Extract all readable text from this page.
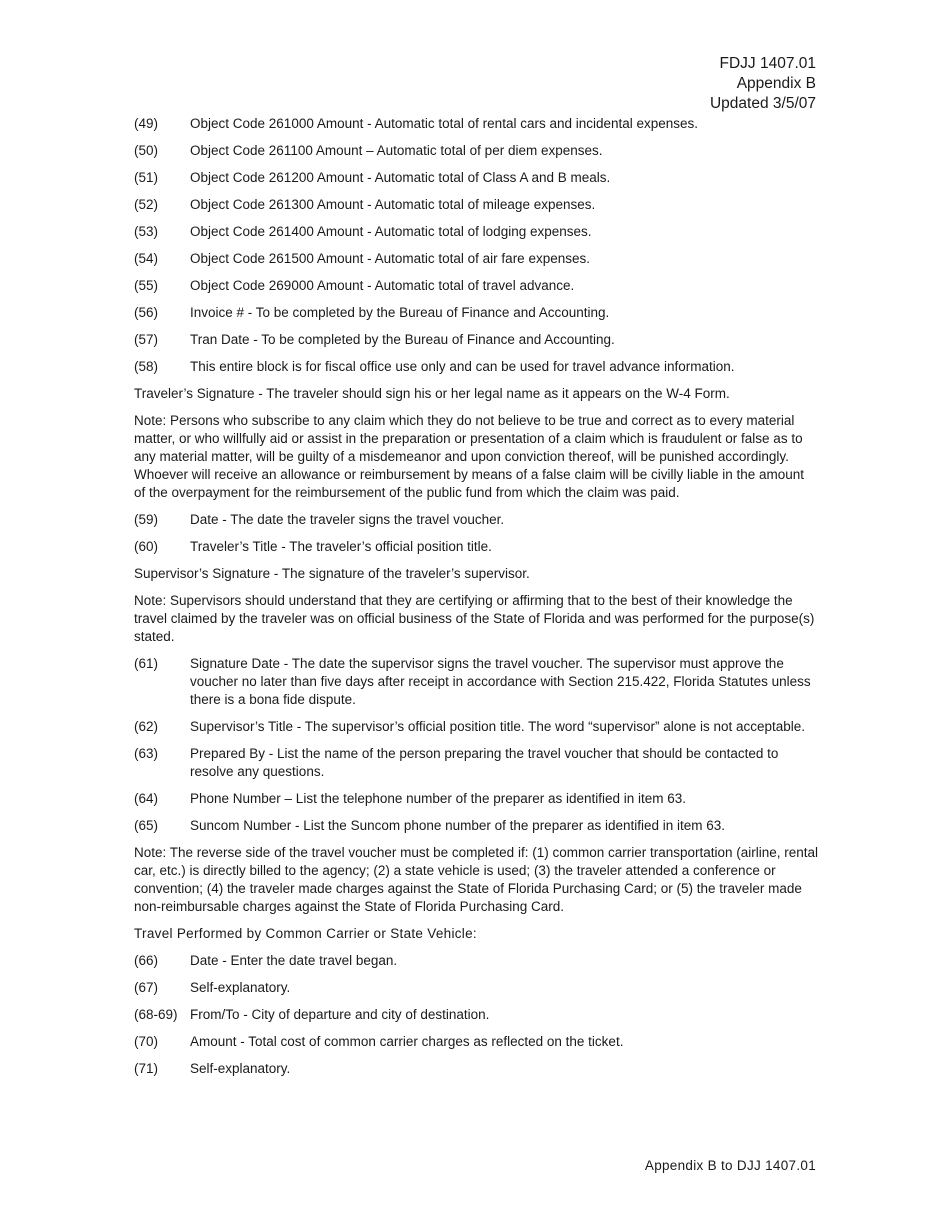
FDJJ 1407.01
Appendix B
Updated 3/5/07
(49)	Object Code 261000 Amount - Automatic total of rental cars and incidental expenses.
(50)	Object Code 261100 Amount – Automatic total of per diem expenses.
(51)	Object Code 261200 Amount - Automatic total of Class A and B meals.
(52)	Object Code 261300 Amount - Automatic total of mileage expenses.
(53)	Object Code 261400 Amount - Automatic total of lodging expenses.
(54)	Object Code 261500 Amount - Automatic total of air fare expenses.
(55)	Object Code 269000 Amount - Automatic total of travel advance.
(56)	Invoice # - To be completed by the Bureau of Finance and Accounting.
(57)	Tran Date - To be completed by the Bureau of Finance and Accounting.
(58)	This entire block is for fiscal office use only and can be used for travel advance information.
Traveler’s Signature - The traveler should sign his or her legal name as it appears on the W-4 Form.
Note: Persons who subscribe to any claim which they do not believe to be true and correct as to every material matter, or who willfully aid or assist in the preparation or presentation of a claim which is fraudulent or false as to any material matter, will be guilty of a misdemeanor and upon conviction thereof, will be punished accordingly. Whoever will receive an allowance or reimbursement by means of a false claim will be civilly liable in the amount of the overpayment for the reimbursement of the public fund from which the claim was paid.
(59)	Date - The date the traveler signs the travel voucher.
(60)	Traveler’s Title - The traveler’s official position title.
Supervisor’s Signature - The signature of the traveler’s supervisor.
Note: Supervisors should understand that they are certifying or affirming that to the best of their knowledge the travel claimed by the traveler was on official business of the State of Florida and was performed for the purpose(s) stated.
(61)	Signature Date - The date the supervisor signs the travel voucher. The supervisor must approve the voucher no later than five days after receipt in accordance with Section 215.422, Florida Statutes unless there is a bona fide dispute.
(62)	Supervisor’s Title - The supervisor’s official position title. The word “supervisor” alone is not acceptable.
(63)	Prepared By - List the name of the person preparing the travel voucher that should be contacted to resolve any questions.
(64)	Phone Number – List the telephone number of the preparer as identified in item 63.
(65)	Suncom Number - List the Suncom phone number of the preparer as identified in item 63.
Note: The reverse side of the travel voucher must be completed if: (1) common carrier transportation (airline, rental car, etc.) is directly billed to the agency; (2) a state vehicle is used; (3) the traveler attended a conference or convention; (4) the traveler made charges against the State of Florida Purchasing Card; or (5) the traveler made non-reimbursable charges against the State of Florida Purchasing Card.
Travel Performed by Common Carrier or State Vehicle:
(66)	Date - Enter the date travel began.
(67)	Self-explanatory.
(68-69) From/To - City of departure and city of destination.
(70)	Amount - Total cost of common carrier charges as reflected on the ticket.
(71)	Self-explanatory.
Appendix B to DJJ 1407.01
